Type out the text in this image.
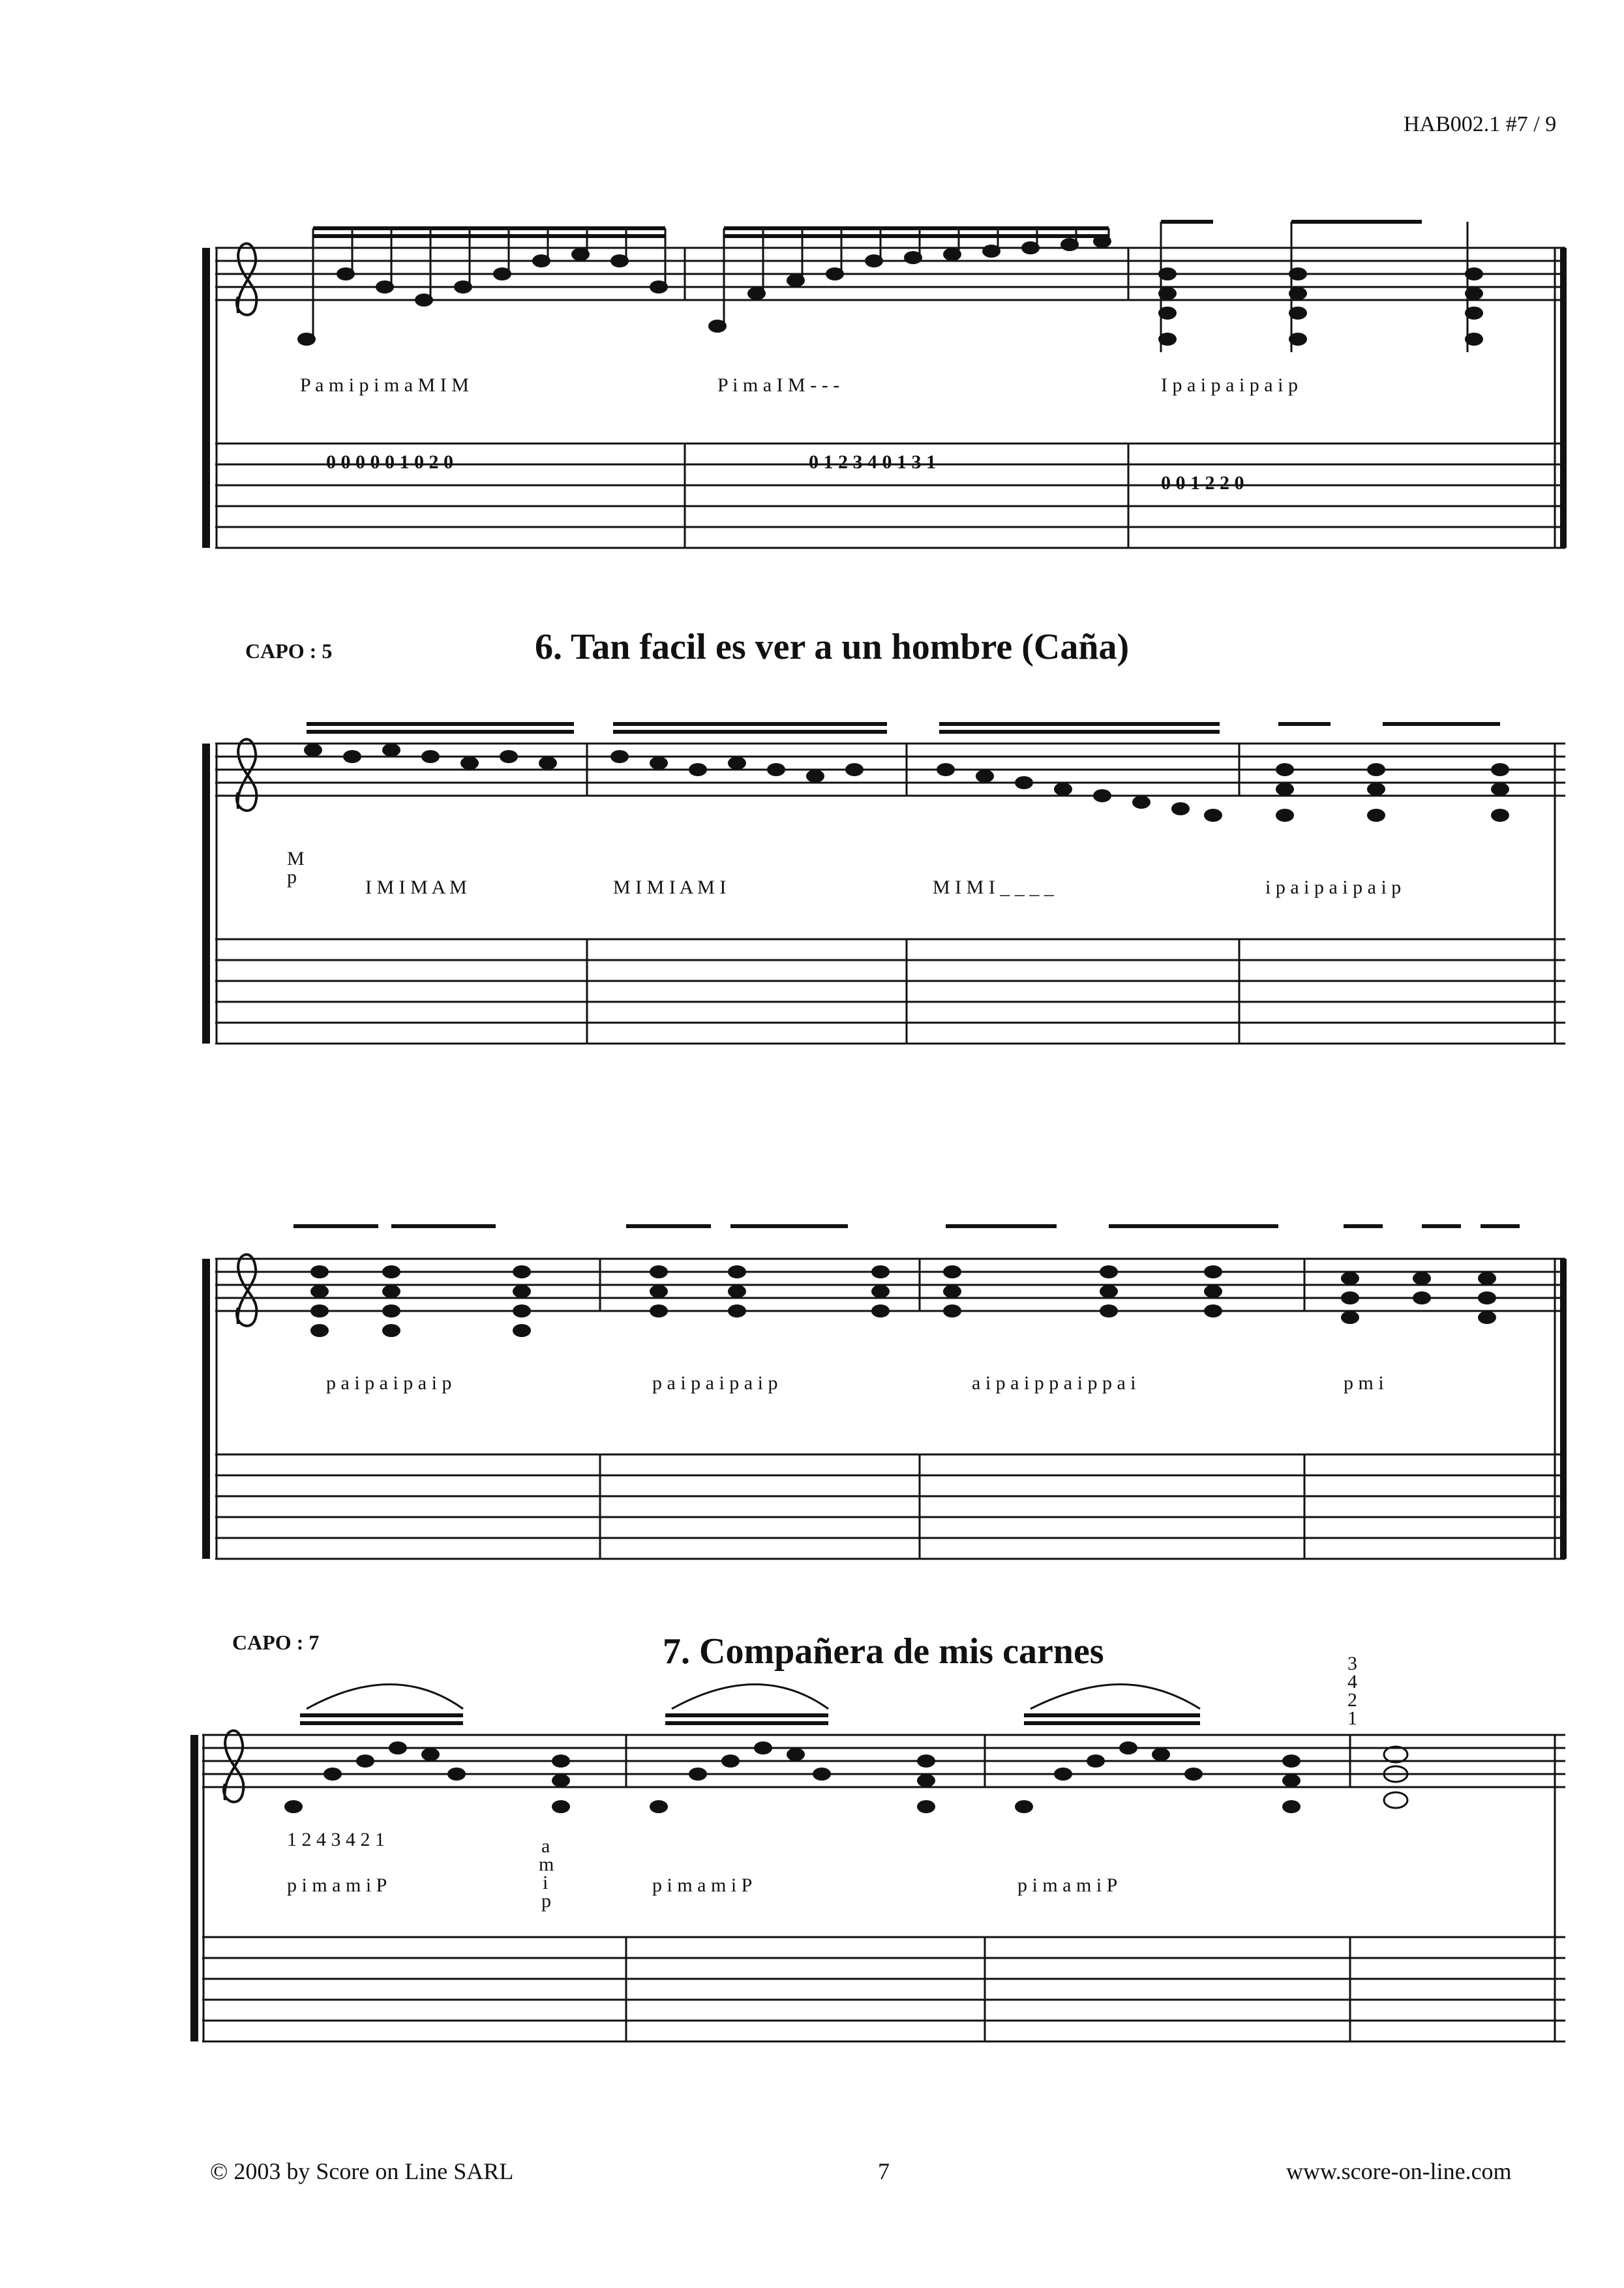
HAB002.1 #7 / 9
CAPO : 5	6. Tan facil es ver a un hombre (Caña)
CAPO : 7	7. Compañera de mis carnes
P a m i p i m a M I M	P i m a I M - - -	I p a i p a i p a i p
0 0 0 0 0 1 0 2 0	0 1 2 3 4 0 1 3 1
0 0 1 2 2 0
M
p	I M I M A M	M I M I A M I	M I M I _ _ _ _	i p a i p a i p a i p
p a i p a i p a i p	p a i p a i p a i p	a i p a i p p a i p p a i	p m i
1 2 4 3 4 2 1
p i m a m i P	p i m a m i P	p i m a m i P
a
m
i
p
3
4
2
1
© 2003 by Score on Line SARL	7	www.score-on-line.com
